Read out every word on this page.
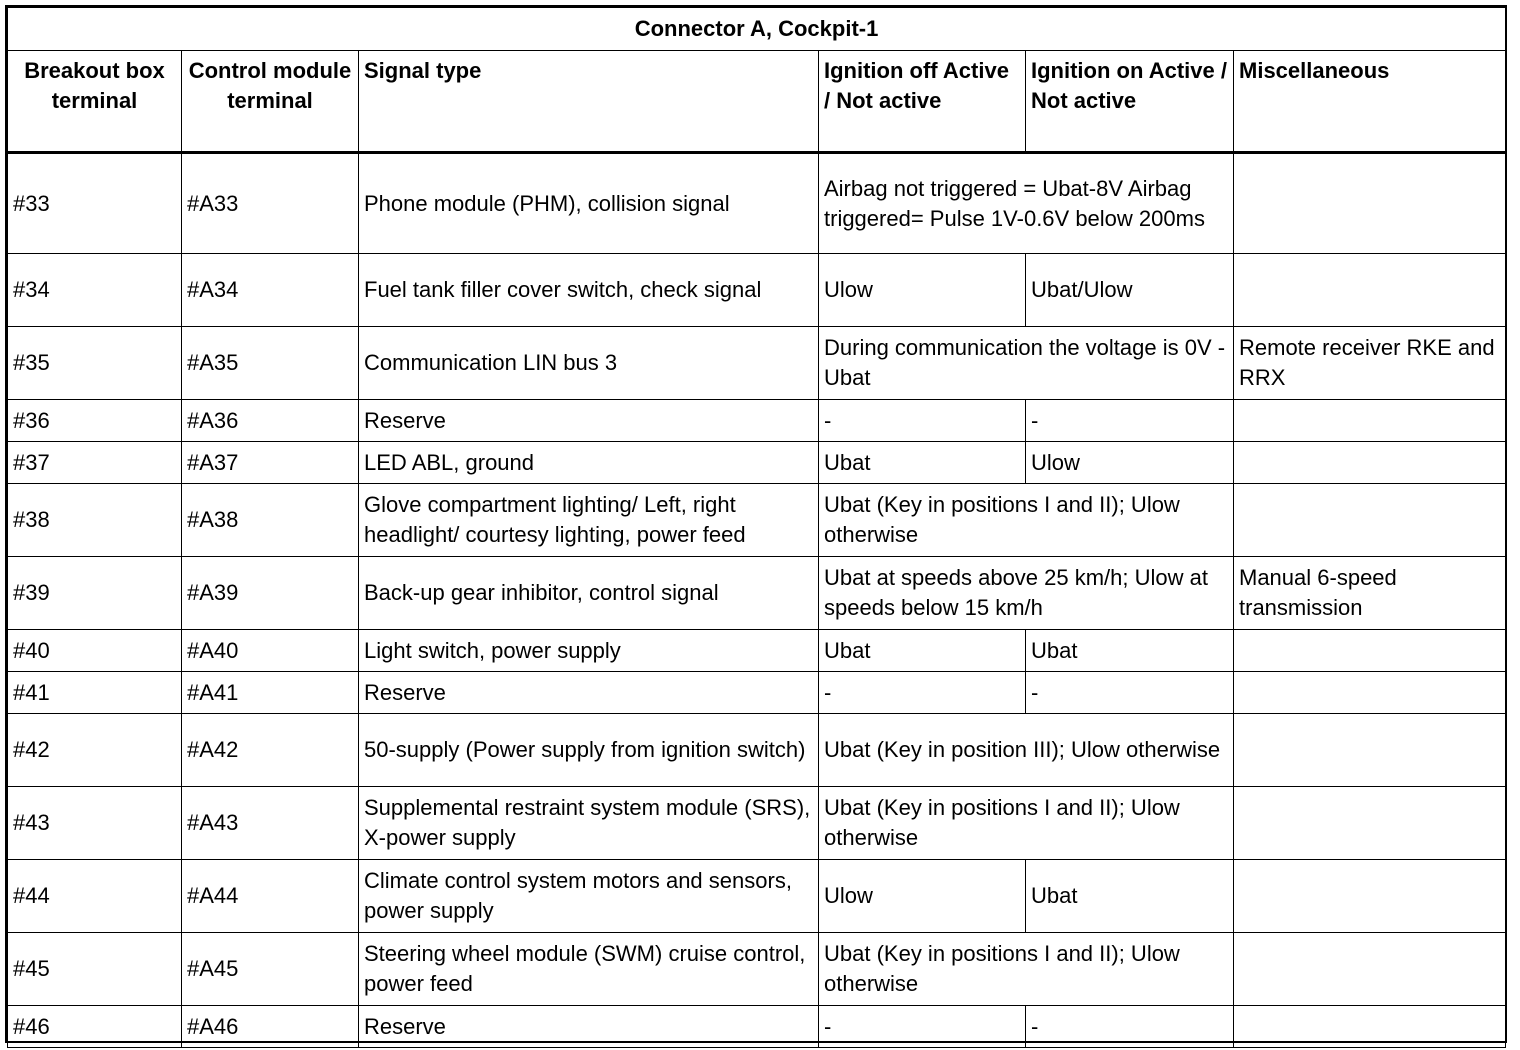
Connector A, Cockpit-1					
Breakout box terminal	Control module terminal	Signal type	Ignition off Active / Not active	Ignition on Active / Not active	Miscellaneous
#33	#A33	Phone module (PHM), collision signal	Airbag not triggered = Ubat-8V Airbag triggered= Pulse 1V-0.6V below 200ms		
#34	#A34	Fuel tank filler cover switch, check signal	Ulow	Ubat/Ulow	
#35	#A35	Communication LIN bus 3	During communication the voltage is 0V - Ubat		Remote receiver RKE and RRX
#36	#A36	Reserve	-	-	
#37	#A37	LED ABL, ground	Ubat	Ulow	
#38	#A38	Glove compartment lighting/ Left, right headlight/ courtesy lighting, power feed	Ubat (Key in positions I and II); Ulow otherwise		
#39	#A39	Back-up gear inhibitor, control signal	Ubat at speeds above 25 km/h; Ulow at speeds below 15 km/h		Manual 6-speed transmission
#40	#A40	Light switch, power supply	Ubat	Ubat	
#41	#A41	Reserve	-	-	
#42	#A42	50-supply (Power supply from ignition switch)	Ubat (Key in position III); Ulow otherwise		
#43	#A43	Supplemental restraint system module (SRS), X-power supply	Ubat (Key in positions I and II); Ulow otherwise		
#44	#A44	Climate control system motors and sensors, power supply	Ulow	Ubat	
#45	#A45	Steering wheel module (SWM) cruise control, power feed	Ubat (Key in positions I and II); Ulow otherwise		
#46	#A46	Reserve	-	-	
